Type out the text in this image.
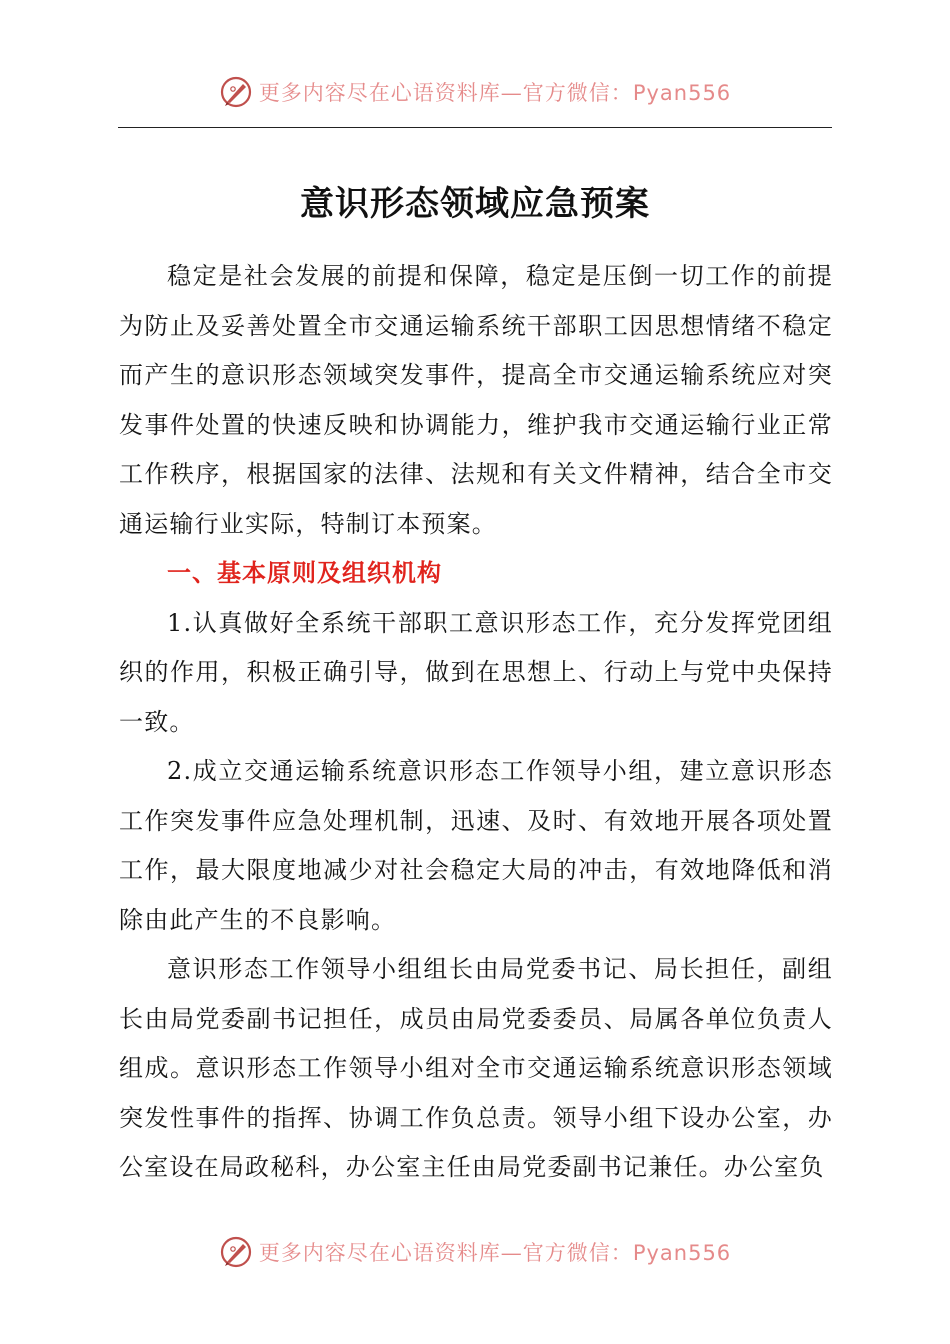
更多内容尽在心语资料库—官方微信：Pyan556
意识形态领域应急预案

稳定是社会发展的前提和保障，稳定是压倒一切工作的前提为防止及妥善处置全市交通运输系统干部职工因思想情绪不稳定而产生的意识形态领域突发事件，提高全市交通运输系统应对突发事件处置的快速反映和协调能力，维护我市交通运输行业正常工作秩序，根据国家的法律、法规和有关文件精神，结合全市交通运输行业实际，特制订本预案。

一、基本原则及组织机构

1.认真做好全系统干部职工意识形态工作，充分发挥党团组织的作用，积极正确引导，做到在思想上、行动上与党中央保持一致。

2.成立交通运输系统意识形态工作领导小组，建立意识形态工作突发事件应急处理机制，迅速、及时、有效地开展各项处置工作，最大限度地减少对社会稳定大局的冲击，有效地降低和消除由此产生的不良影响。

意识形态工作领导小组组长由局党委书记、局长担任，副组长由局党委副书记担任，成员由局党委委员、局属各单位负责人组成。意识形态工作领导小组对全市交通运输系统意识形态领域突发性事件的指挥、协调工作负总责。领导小组下设办公室，办公室设在局政秘科，办公室主任由局党委副书记兼任。办公室负

更多内容尽在心语资料库—官方微信：Pyan556
